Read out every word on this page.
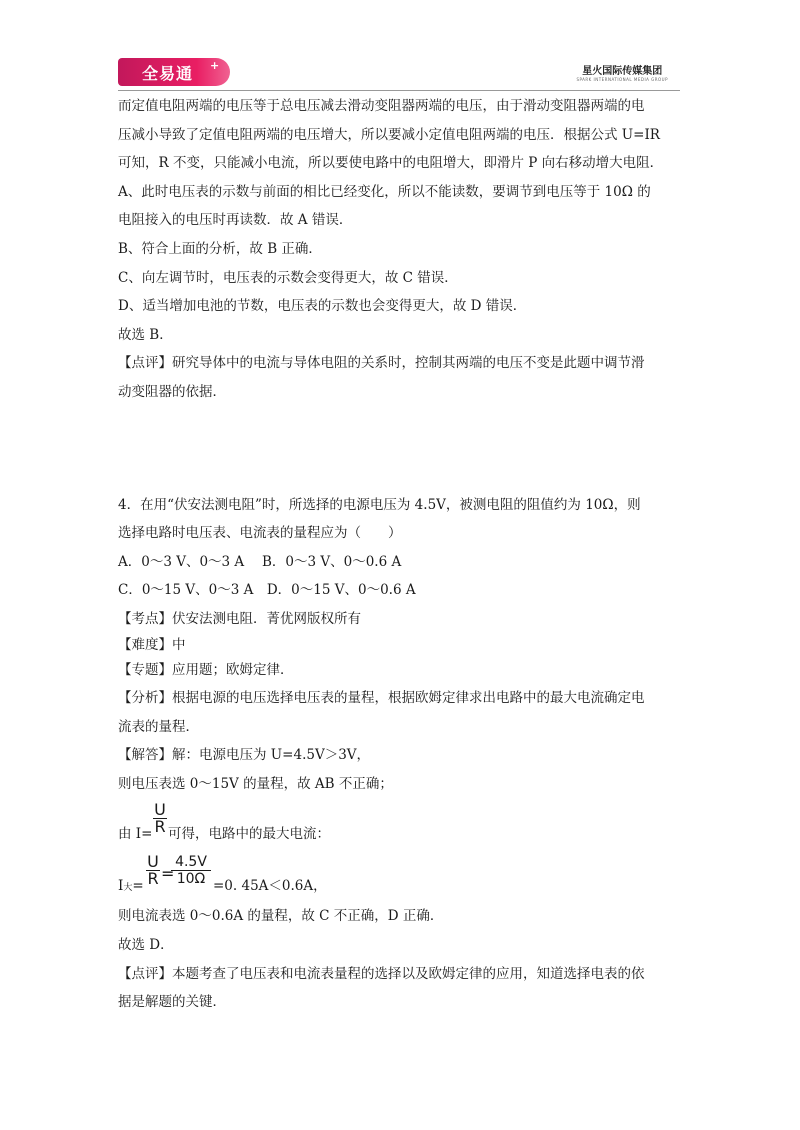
全易通 +	星火国际传媒集团
SPARK INTERNATIONAL MEDIA GROUP
而定值电阻两端的电压等于总电压减去滑动变阻器两端的电压，由于滑动变阻器两端的电
压减小导致了定值电阻两端的电压增大，所以要减小定值电阻两端的电压．根据公式 U=IR
可知，R 不变，只能减小电流，所以要使电路中的电阻增大，即滑片 P 向右移动增大电阻．
A、此时电压表的示数与前面的相比已经变化，所以不能读数，要调节到电压等于 10Ω 的
电阻接入的电压时再读数．故 A 错误．
B、符合上面的分析，故 B 正确．
C、向左调节时，电压表的示数会变得更大，故 C 错误．
D、适当增加电池的节数，电压表的示数也会变得更大，故 D 错误．
故选 B．
【点评】研究导体中的电流与导体电阻的关系时，控制其两端的电压不变是此题中调节滑
动变阻器的依据．
4．在用“伏安法测电阻”时，所选择的电源电压为 4.5V，被测电阻的阻值约为 10Ω，则
选择电路时电压表、电流表的量程应为（　　）
A．0～3 V、0～3 A　 B．0～3 V、0～0.6 A
C．0～15 V、0～3 A　D．0～15 V、0～0.6 A
【考点】伏安法测电阻．菁优网版权所有
【难度】中
【专题】应用题；欧姆定律．
【分析】根据电源的电压选择电压表的量程，根据欧姆定律求出电路中的最大电流确定电
流表的量程．
【解答】解：电源电压为 U=4.5V＞3V，
则电压表选 0～15V 的量程，故 AB 不正确；
由 I=
U
R 可得，电路中的最大电流：
I大=
U
R =
4.5V
10Ω =0. 45A＜0.6A，
则电流表选 0～0.6A 的量程，故 C 不正确，D 正确．
故选 D．
【点评】本题考查了电压表和电流表量程的选择以及欧姆定律的应用，知道选择电表的依
据是解题的关键．
